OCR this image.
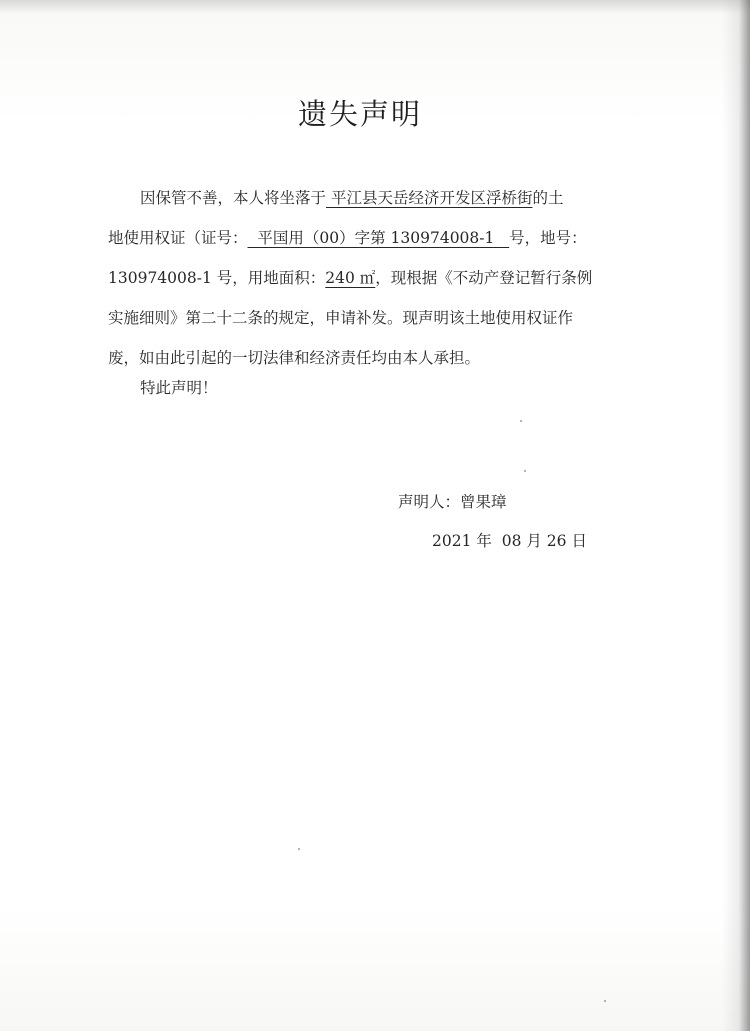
遗失声明
因保管不善，本人将坐落于 平江县天岳经济开发区浮桥街的土
地使用权证（证号：  平国用（00）字第 130974008-1   号，地号：
130974008-1 号，用地面积：240 ㎡，现根据《不动产登记暂行条例
实施细则》第二十二条的规定，申请补发。现声明该土地使用权证作
废，如由此引起的一切法律和经济责任均由本人承担。
特此声明！
声明人：曾果璋
2021 年  08 月 26 日
